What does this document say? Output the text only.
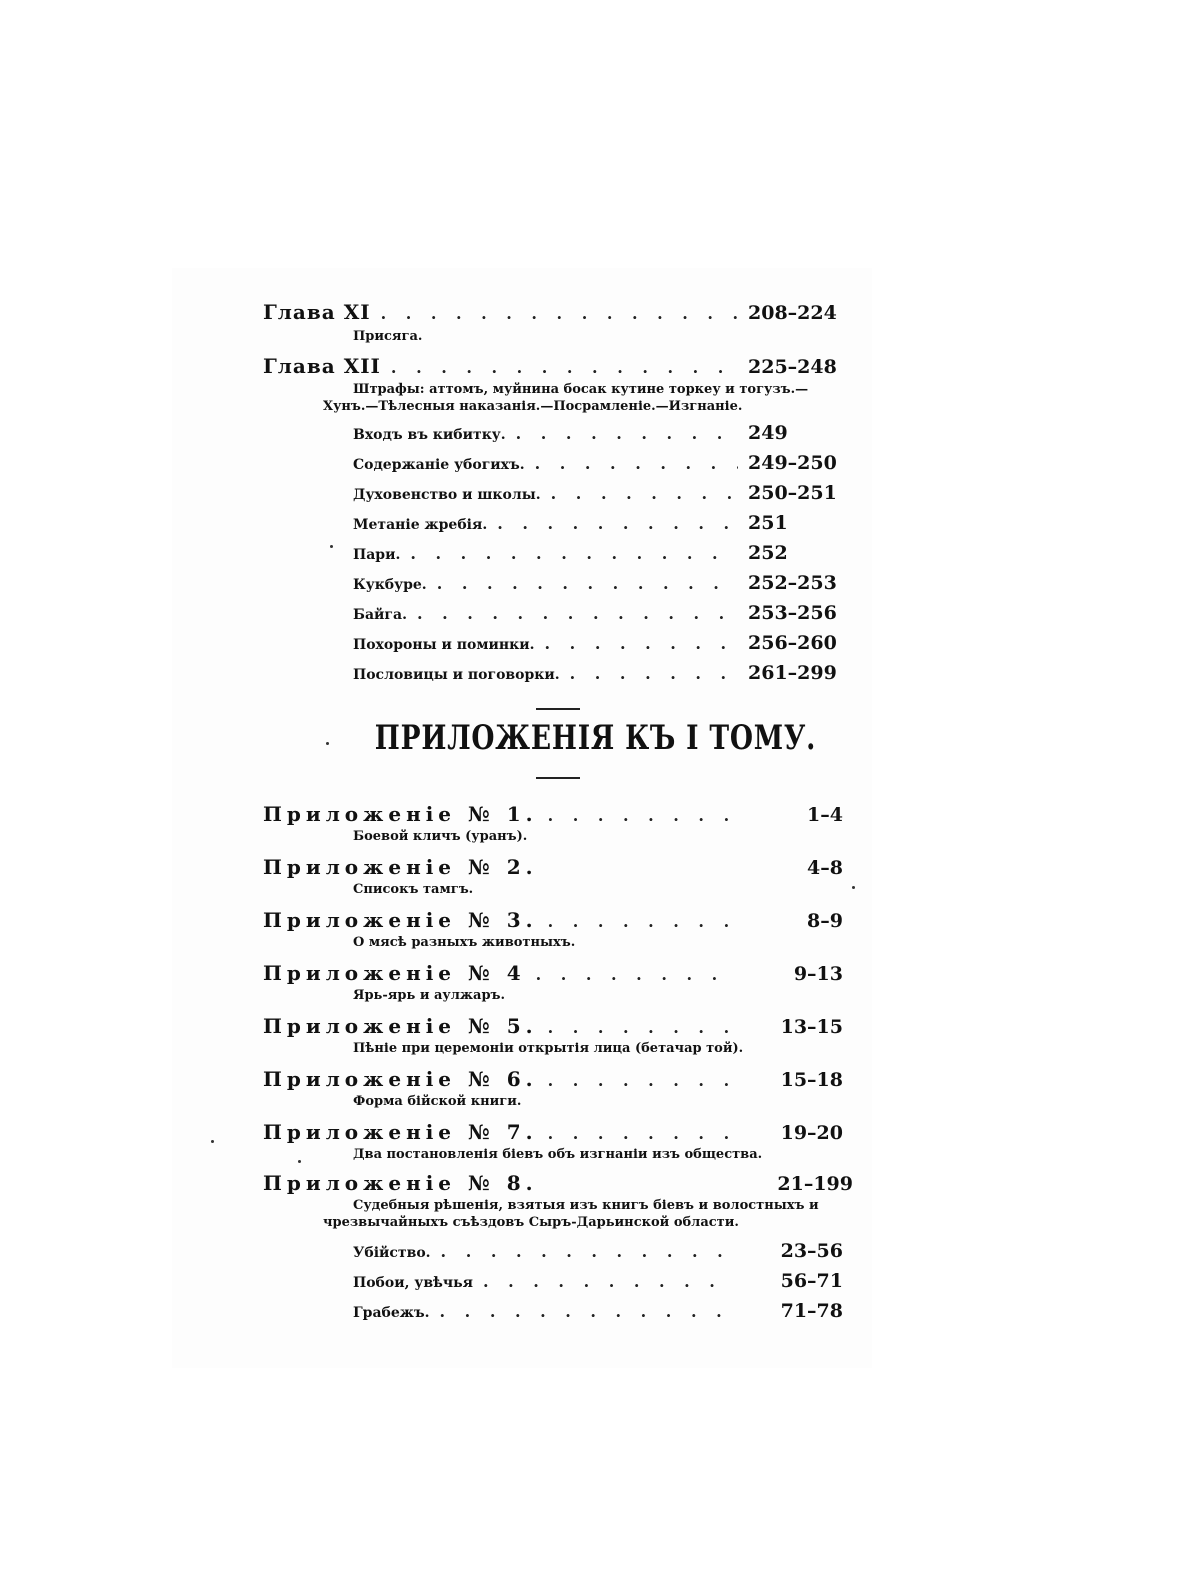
Глава XI . . .	208–224
Присяга.
Глава XII . . .	225–248
Штрафы: аттомъ, муйнина босак кутине торкеу и тогузъ.—
Хунъ.—Тѣлесныя наказанія.—Посрамленіе.—Изгнаніе.
Входъ въ кибитку. . . .	249
Содержаніе убогихъ. . . .	249–250
Духовенство и школы. . . .	250–251
Метаніе жребія. . . .	251
Пари. . . .	252
Кукбуре. . . .	252–253
Байга. . . .	253–256
Похороны и поминки. . . .	256–260
Пословицы и поговорки. . . .	261–299
ПРИЛОЖЕНІЯ КЪ I ТОМУ.
Приложеніе № 1. . . .	1–4
Боевой кличъ (уранъ).
Приложеніе № 2.	4–8
Списокъ тамгъ.
Приложеніе № 3. . . .	8–9
О мясѣ разныхъ животныхъ.
Приложеніе № 4 . . .	9–13
Ярь-ярь и аулжаръ.
Приложеніе № 5. . . .	13–15
Пѣніе при церемоніи открытія лица (бетачар той).
Приложеніе № 6. . . .	15–18
Форма бійской книги.
Приложеніе № 7. . . .	19–20
Два постановленія біевъ объ изгнаніи изъ общества.
Приложеніе № 8.	21–199
Судебныя рѣшенія, взятыя изъ книгъ біевъ и волостныхъ и
чрезвычайныхъ съѣздовъ Сыръ-Дарьинской области.
Убійство. . . .	23–56
Побои, увѣчья . . .	56–71
Грабежъ. . . .	71–78
